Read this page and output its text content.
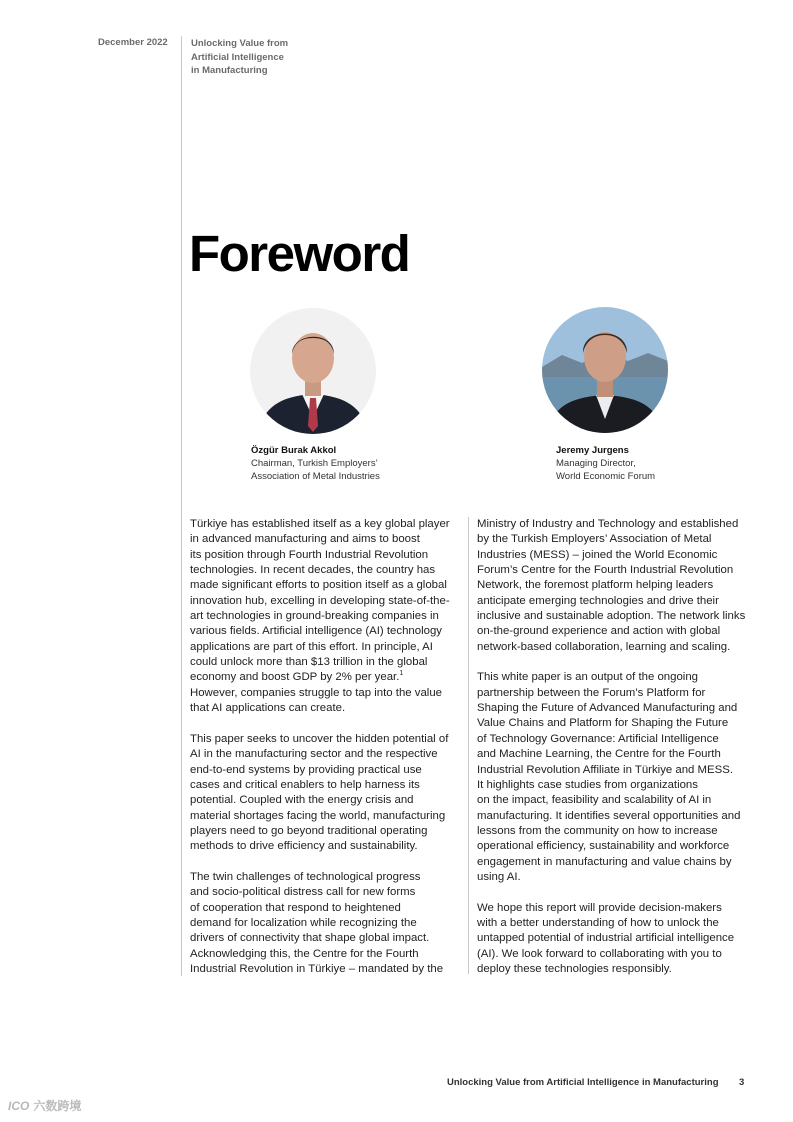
December 2022 Unlocking Value from
Artificial Intelligence
in Manufacturing
Foreword
Özgür Burak Akkol
Chairman, Turkish Employers’
Association of Metal Industries
Jeremy Jurgens
Managing Director,
World Economic Forum
Türkiye has established itself as a key global player
in advanced manufacturing and aims to boost
its position through Fourth Industrial Revolution
technologies. In recent decades, the country has
made significant efforts to position itself as a global
innovation hub, excelling in developing state-of-the-
art technologies in ground-breaking companies in
various fields. Artificial intelligence (AI) technology
applications are part of this effort. In principle, AI
could unlock more than $13 trillion in the global
economy and boost GDP by 2% per year.$^1$
However, companies struggle to tap into the value
that AI applications can create.
This paper seeks to uncover the hidden potential of
AI in the manufacturing sector and the respective
end-to-end systems by providing practical use
cases and critical enablers to help harness its
potential. Coupled with the energy crisis and
material shortages facing the world, manufacturing
players need to go beyond traditional operating
methods to drive efficiency and sustainability.
The twin challenges of technological progress
and socio-political distress call for new forms
of cooperation that respond to heightened
demand for localization while recognizing the
drivers of connectivity that shape global impact.
Acknowledging this, the Centre for the Fourth
Industrial Revolution in Türkiye – mandated by the
Ministry of Industry and Technology and established
by the Turkish Employers’ Association of Metal
Industries (MESS) – joined the World Economic
Forum’s Centre for the Fourth Industrial Revolution
Network, the foremost platform helping leaders
anticipate emerging technologies and drive their
inclusive and sustainable adoption. The network links
on-the-ground experience and action with global
network-based collaboration, learning and scaling.
This white paper is an output of the ongoing
partnership between the Forum’s Platform for
Shaping the Future of Advanced Manufacturing and
Value Chains and Platform for Shaping the Future
of Technology Governance: Artificial Intelligence
and Machine Learning, the Centre for the Fourth
Industrial Revolution Affiliate in Türkiye and MESS.
It highlights case studies from organizations
on the impact, feasibility and scalability of AI in
manufacturing. It identifies several opportunities and
lessons from the community on how to increase
operational efficiency, sustainability and workforce
engagement in manufacturing and value chains by
using AI.
We hope this report will provide decision-makers
with a better understanding of how to unlock the
untapped potential of industrial artificial intelligence
(AI). We look forward to collaborating with you to
deploy these technologies responsibly.
Unlocking Value from Artificial Intelligence in Manufacturing 3
ICO 六数跨境
